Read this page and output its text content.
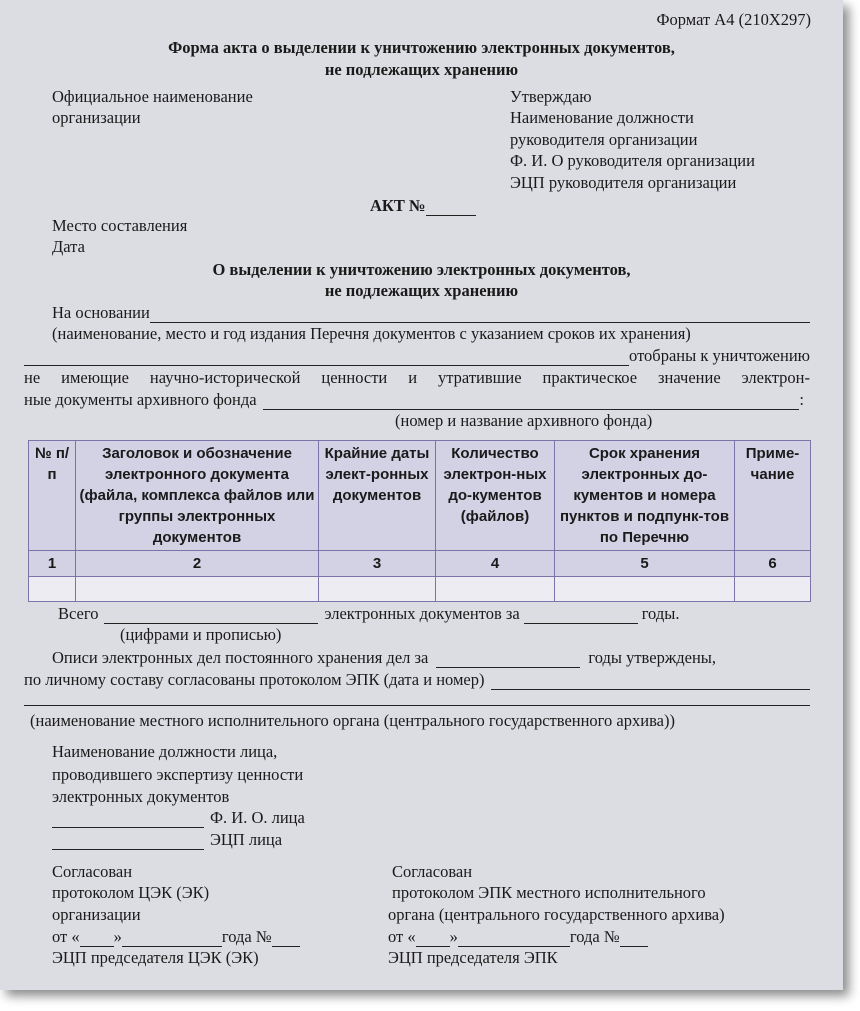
Формат А4 (210Х297)
Форма акта о выделении к уничтожению электронных документов,
не подлежащих хранению
Официальное наименование
организации
Утверждаю
Наименование должности
руководителя организации
Ф. И. О руководителя организации
ЭЦП руководителя организации
АКТ №
Место составления
Дата
О выделении к уничтожению электронных документов,
не подлежащих хранению
На основании
(наименование, место и год издания Перечня документов с указанием сроков их хранения)
отобраны к уничтожению
не имеющие научно-исторической ценности и утратившие практическое значение электрон-
ные документы архивного фонда	:
(номер и название архивного фонда)
№ п/п	Заголовок и обозначение электронного документа (файла, комплекса файлов или группы электронных документов	Крайние даты элект-ронных документов	Количество электрон-ных до-кументов (файлов)	Срок хранения электронных до-кументов и номера пунктов и подпунк-тов по Перечню	Приме-чание
1	2	3	4	5	6

Всего	электронных документов за	годы.
(цифрами и прописью)
Описи электронных дел постоянного хранения дел за	годы утверждены,
по личному составу согласованы протоколом ЭПК (дата и номер)
(наименование местного исполнительного органа (центрального государственного архива))
Наименование должности лица,
проводившего экспертизу ценности
электронных документов
Ф. И. О. лица
ЭЦП лица
Согласован
протоколом ЦЭК (ЭК)
организации
от « »	года №
ЭЦП председателя ЦЭК (ЭК)
Согласован
протоколом ЭПК местного исполнительного
органа (центрального государственного архива)
от « »	года №
ЭЦП председателя ЭПК
